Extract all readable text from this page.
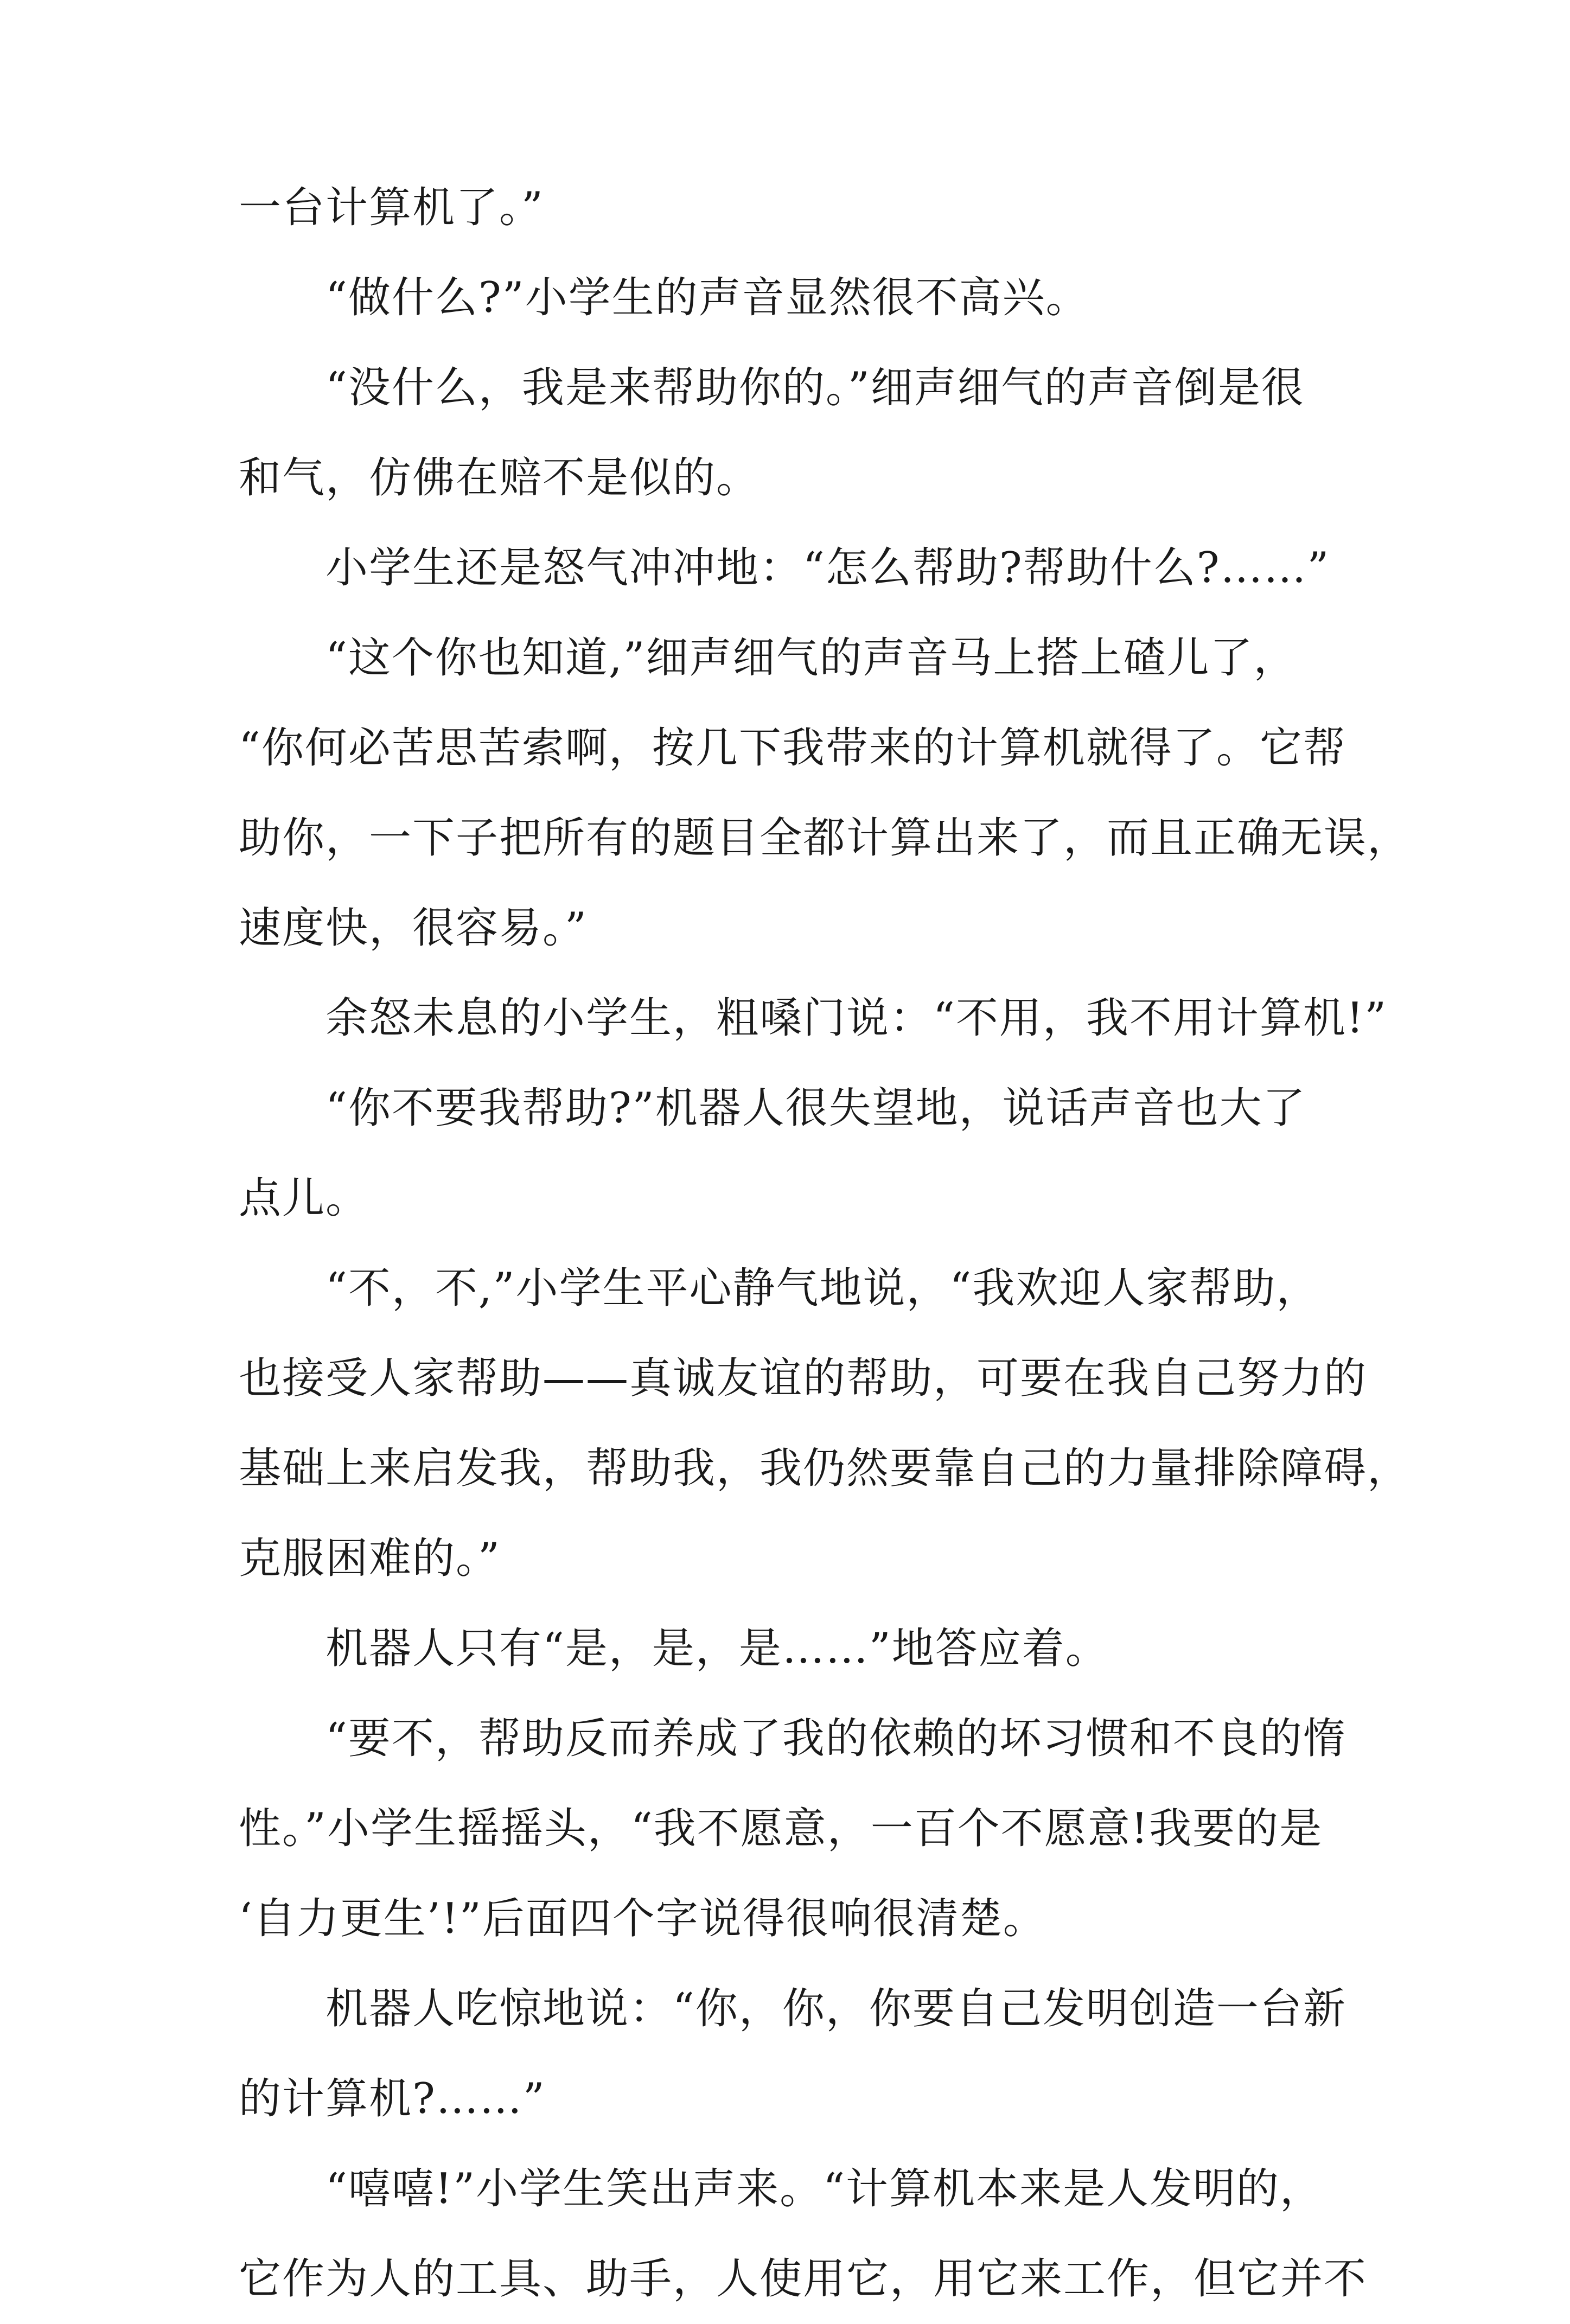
一台计算机了。”
“做什么?”小学生的声音显然很不高兴。
“没什么，我是来帮助你的。”细声细气的声音倒是很
和气，仿佛在赔不是似的。
小学生还是怒气冲冲地：“怎么帮助?帮助什么?……”
“这个你也知道,”细声细气的声音马上搭上碴儿了，
“你何必苦思苦索啊，按几下我带来的计算机就得了。它帮
助你，一下子把所有的题目全都计算出来了，而且正确无误，
速度快，很容易。”
余怒未息的小学生，粗嗓门说：“不用，我不用计算机!”
“你不要我帮助?”机器人很失望地，说话声音也大了
点儿。
“不，不,”小学生平心静气地说，“我欢迎人家帮助，
也接受人家帮助——真诚友谊的帮助，可要在我自己努力的
基础上来启发我，帮助我，我仍然要靠自己的力量排除障碍，
克服困难的。”
机器人只有“是，是，是……”地答应着。
“要不，帮助反而养成了我的依赖的坏习惯和不良的惰
性。”小学生摇摇头，“我不愿意，一百个不愿意!我要的是
‘自力更生’!”后面四个字说得很响很清楚。
机器人吃惊地说：“你，你，你要自己发明创造一台新
的计算机?……”
“嘻嘻!”小学生笑出声来。“计算机本来是人发明的，
它作为人的工具、助手，人使用它，用它来工作，但它并不
